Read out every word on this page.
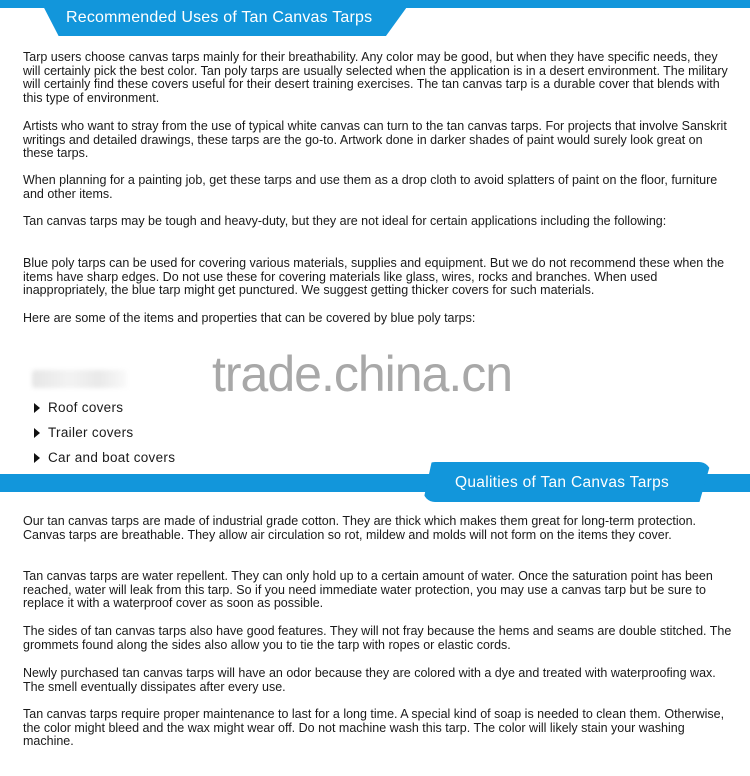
Recommended Uses of Tan Canvas Tarps

Tarp users choose canvas tarps mainly for their breathability. Any color may be good, but when they have specific needs, they will certainly pick the best color. Tan poly tarps are usually selected when the application is in a desert environment. The military will certainly find these covers useful for their desert training exercises. The tan canvas tarp is a durable cover that blends with this type of environment.

Artists who want to stray from the use of typical white canvas can turn to the tan canvas tarps. For projects that involve Sanskrit writings and detailed drawings, these tarps are the go-to. Artwork done in darker shades of paint would surely look great on these tarps.

When planning for a painting job, get these tarps and use them as a drop cloth to avoid splatters of paint on the floor, furniture and other items.

Tan canvas tarps may be tough and heavy-duty, but they are not ideal for certain applications including the following:

Blue poly tarps can be used for covering various materials, supplies and equipment. But we do not recommend these when the items have sharp edges. Do not use these for covering materials like glass, wires, rocks and branches. When used inappropriately, the blue tarp might get punctured. We suggest getting thicker covers for such materials.

Here are some of the items and properties that can be covered by blue poly tarps:

trade.china.cn
Roof covers
Trailer covers
Car and boat covers
Qualities of Tan Canvas Tarps

Our tan canvas tarps are made of industrial grade cotton. They are thick which makes them great for long-term protection. Canvas tarps are breathable. They allow air circulation so rot, mildew and molds will not form on the items they cover.

Tan canvas tarps are water repellent. They can only hold up to a certain amount of water. Once the saturation point has been reached, water will leak from this tarp. So if you need immediate water protection, you may use a canvas tarp but be sure to replace it with a waterproof cover as soon as possible.

The sides of tan canvas tarps also have good features. They will not fray because the hems and seams are double stitched. The grommets found along the sides also allow you to tie the tarp with ropes or elastic cords.

Newly purchased tan canvas tarps will have an odor because they are colored with a dye and treated with waterproofing wax. The smell eventually dissipates after every use.

Tan canvas tarps require proper maintenance to last for a long time. A special kind of soap is needed to clean them. Otherwise, the color might bleed and the wax might wear off. Do not machine wash this tarp. The color will likely stain your washing machine.
